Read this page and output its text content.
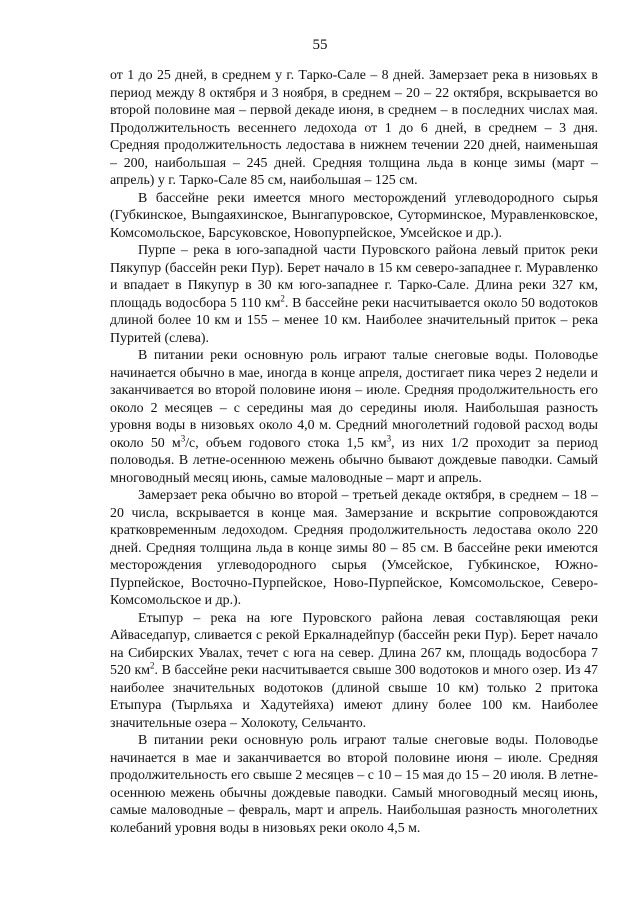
55

от 1 до 25 дней, в среднем у г. Тарко-Сале – 8 дней. Замерзает река в низовьях в период между 8 октября и 3 ноября, в среднем – 20 – 22 октября, вскрывается во второй половине мая – первой декаде июня, в среднем – в последних числах мая. Продолжительность весеннего ледохода от 1 до 6 дней, в среднем – 3 дня. Средняя продолжительность ледостава в нижнем течении 220 дней, наименьшая – 200, наибольшая – 245 дней. Средняя толщина льда в конце зимы (март – апрель) у г. Тарко-Сале 85 см, наибольшая – 125 см.

В бассейне реки имеется много месторождений углеводородного сырья (Губкинское, Выngаяхинское, Вынгапуровское, Суторминское, Муравленковское, Комсомольское, Барсуковское, Новопурпейское, Умсейское и др.).

Пурпе – река в юго-западной части Пуровского района левый приток реки Пякупур (бассейн реки Пур). Берет начало в 15 км северо-западнее г. Муравленко и впадает в Пякупур в 30 км юго-западнее г. Тарко-Сале. Длина реки 327 км, площадь водосбора 5 110 $км^2$. В бассейне реки насчитывается около 50 водотоков длиной более 10 км и 155 – менее 10 км. Наиболее значительный приток – река Пуритей (слева).

В питании реки основную роль играют талые снеговые воды. Половодье начинается обычно в мае, иногда в конце апреля, достигает пика через 2 недели и заканчивается во второй половине июня – июле. Средняя продолжительность его около 2 месяцев – с середины мая до середины июля. Наибольшая разность уровня воды в низовьях около 4,0 м. Средний многолетний годовой расход воды около 50 $м^3/с$, объем годового стока 1,5 $км^3$, из них 1/2 проходит за период половодья. В летне-осеннюю межень обычно бывают дождевые паводки. Самый многоводный месяц июнь, самые маловодные – март и апрель.

Замерзает река обычно во второй – третьей декаде октября, в среднем – 18 – 20 числа, вскрывается в конце мая. Замерзание и вскрытие сопровождаются кратковременным ледоходом. Средняя продолжительность ледостава около 220 дней. Средняя толщина льда в конце зимы 80 – 85 см. В бассейне реки имеются месторождения углеводородного сырья (Умсейское, Губкинское, Южно-Пурпейское, Восточно-Пурпейское, Ново-Пурпейское, Комсомольское, Северо-Комсомольское и др.).

Етыпур – река на юге Пуровского района левая составляющая реки Айваседапур, сливается с рекой Еркалнадейпур (бассейн реки Пур). Берет начало на Сибирских Увалах, течет с юга на север. Длина 267 км, площадь водосбора 7 520 $км^2$. В бассейне реки насчитывается свыше 300 водотоков и много озер. Из 47 наиболее значительных водотоков (длиной свыше 10 км) только 2 притока Етыпура (Тырльяха и Хадутейяха) имеют длину более 100 км. Наиболее значительные озера – Холокоту, Сельчанто.

В питании реки основную роль играют талые снеговые воды. Половодье начинается в мае и заканчивается во второй половине июня – июле. Средняя продолжительность его свыше 2 месяцев – с 10 – 15 мая до 15 – 20 июля. В летне-осеннюю межень обычны дождевые паводки. Самый многоводный месяц июнь, самые маловодные – февраль, март и апрель. Наибольшая разность многолетних колебаний уровня воды в низовьях реки около 4,5 м.
